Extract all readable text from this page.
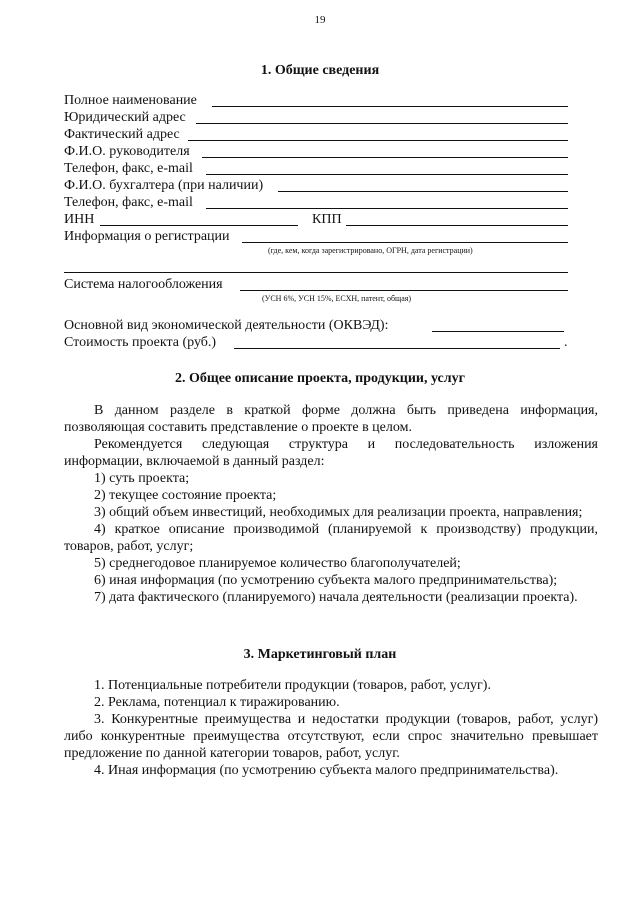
19
1. Общие сведения
Полное наименование
Юридический адрес
Фактический адрес
Ф.И.О. руководителя
Телефон, факс, e-mail
Ф.И.О. бухгалтера (при наличии)
Телефон, факс, e-mail
ИНН	КПП
Информация о регистрации
(где, кем, когда зарегистрировано, ОГРН, дата регистрации)
Система налогообложения
(УСН 6%, УСН 15%, ЕСХН, патент, общая)
Основной вид экономической деятельности (ОКВЭД):
Стоимость проекта (руб.)	.
2. Общее описание проекта, продукции, услуг

В данном разделе в краткой форме должна быть приведена информация, позволяющая составить представление о проекте в целом.

Рекомендуется следующая структура и последовательность изложения информации, включаемой в данный раздел:

1) суть проекта;

2) текущее состояние проекта;

3) общий объем инвестиций, необходимых для реализации проекта, направления;

4) краткое описание производимой (планируемой к производству) продукции, товаров, работ, услуг;

5) среднегодовое планируемое количество благополучателей;

6) иная информация (по усмотрению субъекта малого предпринимательства);

7) дата фактического (планируемого) начала деятельности (реализации проекта).

3. Маркетинговый план

1. Потенциальные потребители продукции (товаров, работ, услуг).

2. Реклама, потенциал к тиражированию.

3. Конкурентные преимущества и недостатки продукции (товаров, работ, услуг) либо конкурентные преимущества отсутствуют, если спрос значительно превышает предложение по данной категории товаров, работ, услуг.

4. Иная информация (по усмотрению субъекта малого предпринимательства).
